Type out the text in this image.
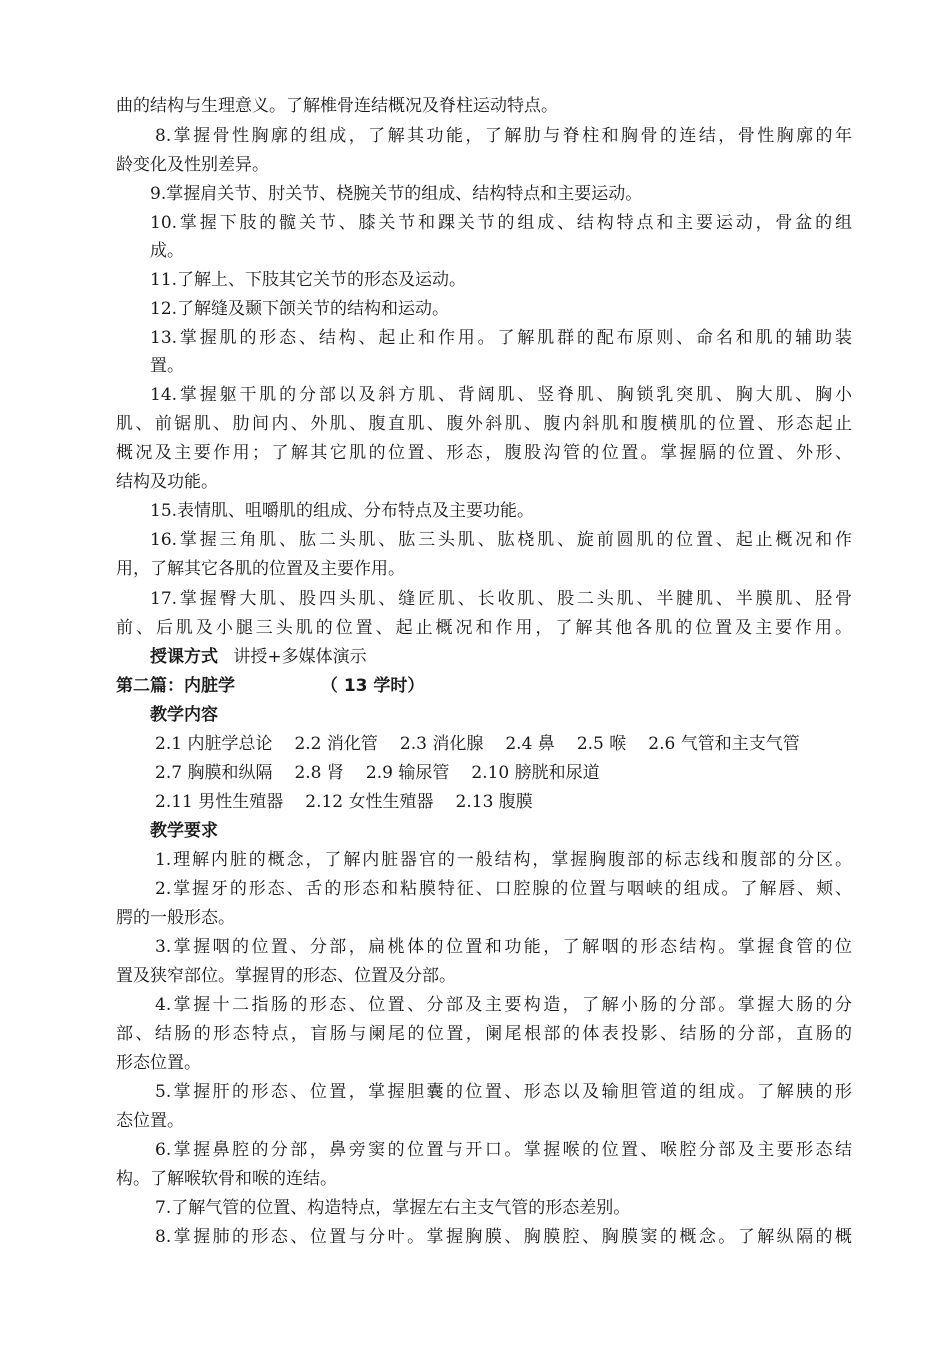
曲的结构与生理意义。了解椎骨连结概况及脊柱运动特点。
8.掌握骨性胸廓的组成，了解其功能，了解肋与脊柱和胸骨的连结，骨性胸廓的年
龄变化及性别差异。
9.掌握肩关节、肘关节、桡腕关节的组成、结构特点和主要运动。
10.掌握下肢的髋关节、膝关节和踝关节的组成、结构特点和主要运动，骨盆的组
成。
11.了解上、下肢其它关节的形态及运动。
12.了解缝及颞下颌关节的结构和运动。
13.掌握肌的形态、结构、起止和作用。了解肌群的配布原则、命名和肌的辅助装
置。
14.掌握躯干肌的分部以及斜方肌、背阔肌、竖脊肌、胸锁乳突肌、胸大肌、胸小
肌、前锯肌、肋间内、外肌、腹直肌、腹外斜肌、腹内斜肌和腹横肌的位置、形态起止
概况及主要作用；了解其它肌的位置、形态，腹股沟管的位置。掌握膈的位置、外形、
结构及功能。
15.表情肌、咀嚼肌的组成、分布特点及主要功能。
16.掌握三角肌、肱二头肌、肱三头肌、肱桡肌、旋前圆肌的位置、起止概况和作
用，了解其它各肌的位置及主要作用。
17.掌握臀大肌、股四头肌、缝匠肌、长收肌、股二头肌、半腱肌、半膜肌、胫骨
前、后肌及小腿三头肌的位置、起止概况和作用，了解其他各肌的位置及主要作用。
授课方式 讲授+多媒体演示
第二篇：内脏学	（ 13 学时）
教学内容
2.1 内脏学总论 2.2 消化管 2.3 消化腺 2.4 鼻 2.5 喉 2.6 气管和主支气管
2.7 胸膜和纵隔 2.8 肾 2.9 输尿管 2.10 膀胱和尿道
2.11 男性生殖器 2.12 女性生殖器 2.13 腹膜
教学要求
1.理解内脏的概念，了解内脏器官的一般结构，掌握胸腹部的标志线和腹部的分区。
2.掌握牙的形态、舌的形态和粘膜特征、口腔腺的位置与咽峡的组成。了解唇、颊、
腭的一般形态。
3.掌握咽的位置、分部，扁桃体的位置和功能，了解咽的形态结构。掌握食管的位
置及狭窄部位。掌握胃的形态、位置及分部。
4.掌握十二指肠的形态、位置、分部及主要构造，了解小肠的分部。掌握大肠的分
部、结肠的形态特点，盲肠与阑尾的位置，阑尾根部的体表投影、结肠的分部，直肠的
形态位置。
5.掌握肝的形态、位置，掌握胆囊的位置、形态以及输胆管道的组成。了解胰的形
态位置。
6.掌握鼻腔的分部，鼻旁窦的位置与开口。掌握喉的位置、喉腔分部及主要形态结
构。了解喉软骨和喉的连结。
7.了解气管的位置、构造特点，掌握左右主支气管的形态差别。
8.掌握肺的形态、位置与分叶。掌握胸膜、胸膜腔、胸膜窦的概念。了解纵隔的概
